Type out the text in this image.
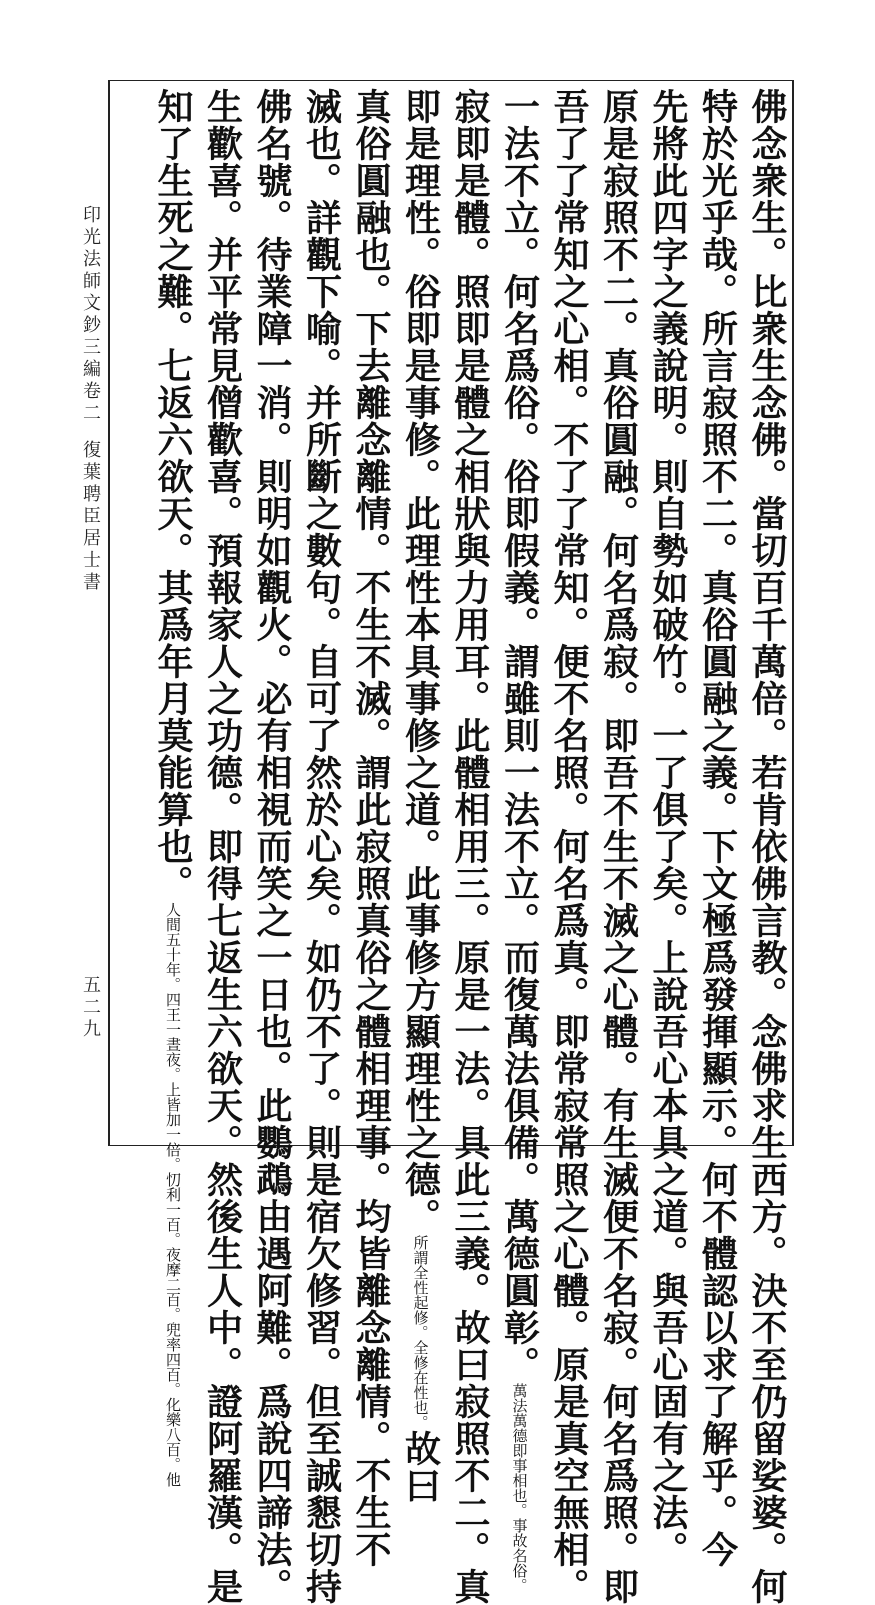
佛念衆生。比衆生念佛。當切百千萬倍。若肯依佛言教。念佛求生西方。決不至仍留娑婆。何
特於光乎哉。所言寂照不二。真俗圓融之義。下文極爲發揮顯示。何不體認以求了解乎。今
先將此四字之義說明。則自勢如破竹。一了俱了矣。上說吾心本具之道。與吾心固有之法。
原是寂照不二。真俗圓融。何名爲寂。即吾不生不滅之心體。有生滅便不名寂。何名爲照。即
吾了了常知之心相。不了了常知。便不名照。何名爲真。即常寂常照之心體。原是真空無相。
一法不立。何名爲俗。俗即假義。謂雖則一法不立。而復萬法俱備。萬德圓彰。萬法萬德即事相也。事故名俗。
寂即是體。照即是體之相狀與力用耳。此體相用三。原是一法。具此三義。故曰寂照不二。真
即是理性。俗即是事修。此理性本具事修之道。此事修方顯理性之德。所謂全性起修。全修在性也。故曰
真俗圓融也。下去離念離情。不生不滅。謂此寂照真俗之體相理事。均皆離念離情。不生不
滅也。詳觀下喻。并所斷之數句。自可了然於心矣。如仍不了。則是宿欠修習。但至誠懇切持
佛名號。待業障一消。則明如觀火。必有相視而笑之一日也。此鸚鵡由遇阿難。爲說四諦法。
生歡喜。并平常見僧歡喜。預報家人之功德。即得七返生六欲天。然後生人中。證阿羅漢。是
知了生死之難。七返六欲天。其爲年月莫能算也。人間五十年。四王一晝夜。上皆加一倍。忉利一百。夜摩二百。兜率四百。化樂八百。他
印光法師文鈔三編卷二
復葉聘臣居士書
五二九
